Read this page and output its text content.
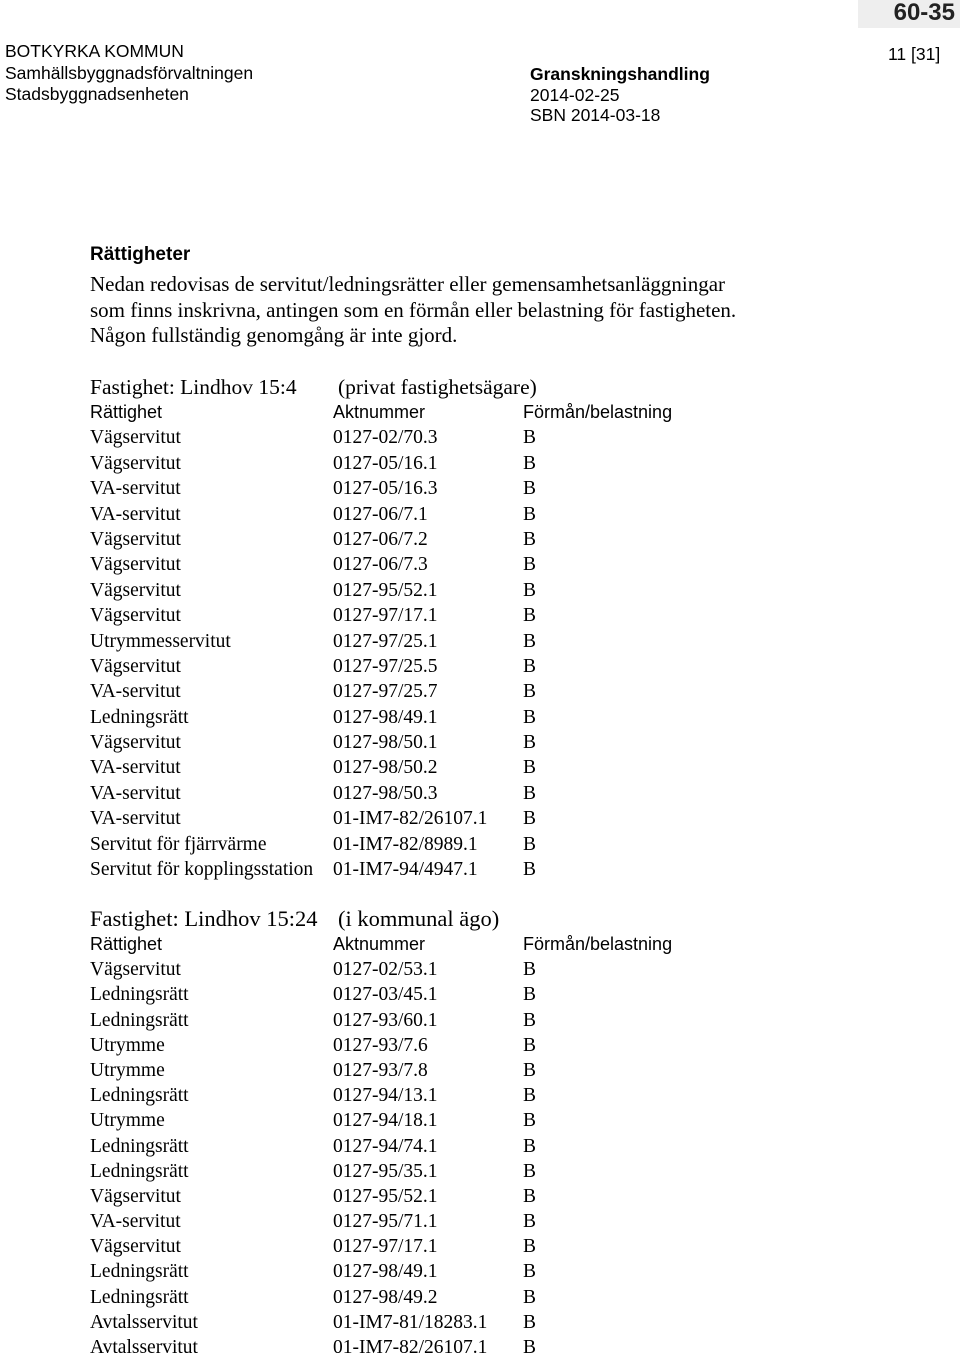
60-35
BOTKYRKA KOMMUN
Samhällsbyggnadsförvaltningen
Stadsbyggnadsenheten
Granskningshandling
2014-02-25
SBN 2014-03-18
11 [31]
Rättigheter
Nedan redovisas de servitut/ledningsrätter eller gemensamhetsanläggningar
som finns inskrivna, antingen som en förmån eller belastning för fastigheten.
Någon fullständig genomgång är inte gjord.
Fastighet: Lindhov 15:4 (privat fastighetsägare)
Rättighet	Aktnummer	Förmån/belastning
Vägservitut	0127-02/70.3	B
Vägservitut	0127-05/16.1	B
VA-servitut	0127-05/16.3	B
VA-servitut	0127-06/7.1	B
Vägservitut	0127-06/7.2	B
Vägservitut	0127-06/7.3	B
Vägservitut	0127-95/52.1	B
Vägservitut	0127-97/17.1	B
Utrymmesservitut	0127-97/25.1	B
Vägservitut	0127-97/25.5	B
VA-servitut	0127-97/25.7	B
Ledningsrätt	0127-98/49.1	B
Vägservitut	0127-98/50.1	B
VA-servitut	0127-98/50.2	B
VA-servitut	0127-98/50.3	B
VA-servitut	01-IM7-82/26107.1	B
Servitut för fjärrvärme	01-IM7-82/8989.1	B
Servitut för kopplingsstation	01-IM7-94/4947.1	B
Fastighet: Lindhov 15:24 (i kommunal ägo)
Rättighet	Aktnummer	Förmån/belastning
Vägservitut	0127-02/53.1	B
Ledningsrätt	0127-03/45.1	B
Ledningsrätt	0127-93/60.1	B
Utrymme	0127-93/7.6	B
Utrymme	0127-93/7.8	B
Ledningsrätt	0127-94/13.1	B
Utrymme	0127-94/18.1	B
Ledningsrätt	0127-94/74.1	B
Ledningsrätt	0127-95/35.1	B
Vägservitut	0127-95/52.1	B
VA-servitut	0127-95/71.1	B
Vägservitut	0127-97/17.1	B
Ledningsrätt	0127-98/49.1	B
Ledningsrätt	0127-98/49.2	B
Avtalsservitut	01-IM7-81/18283.1	B
Avtalsservitut	01-IM7-82/26107.1	B
